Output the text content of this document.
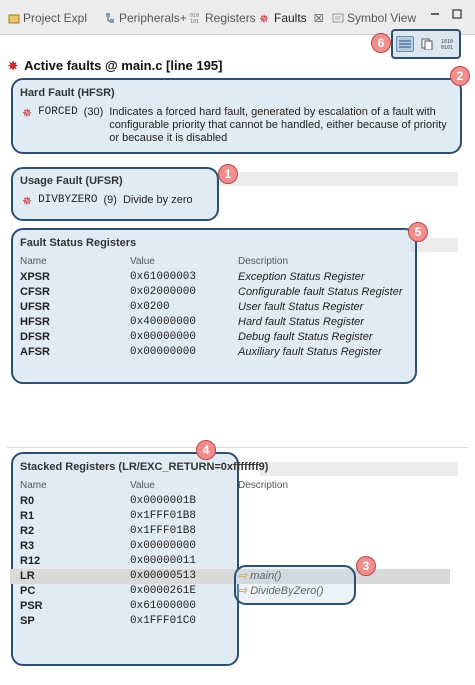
Project Expl	Peripherals+ 010
101 Registers ✵ Faults ☒ Symbol View
1010
0101
6
✵ Active faults @ main.c [line 195]
2
Hard Fault (HFSR)
✵ FORCED (30) Indicates a forced hard fault, generated by escalation of a fault with
configurable priority that cannot be handled, either because of priority
or because it is disabled
1
Usage Fault (UFSR)
✵ DIVBYZERO (9) Divide by zero
5
Fault Status Registers
Name	Value	Description
XPSR	0x61000003	Exception Status Register
CFSR	0x02000000	Configurable fault Status Register
UFSR	0x0200	User fault Status Register
HFSR	0x40000000	Hard fault Status Register
DFSR	0x00000000	Debug fault Status Register
AFSR	0x00000000	Auxiliary fault Status Register
4
Stacked Registers (LR/EXC_RETURN=0xfffffff9)
Name	Value	Description
R0	0x0000001B	
R1	0x1FFF01B8	
R2	0x1FFF01B8	
R3	0x00000000	
R12	0x00000011	
LR	0x00000513	⇨ main()

PC	0x0000261E	⇨ DivideByZero()

PSR	0x61000000	
SP	0x1FFF01C0	
3
